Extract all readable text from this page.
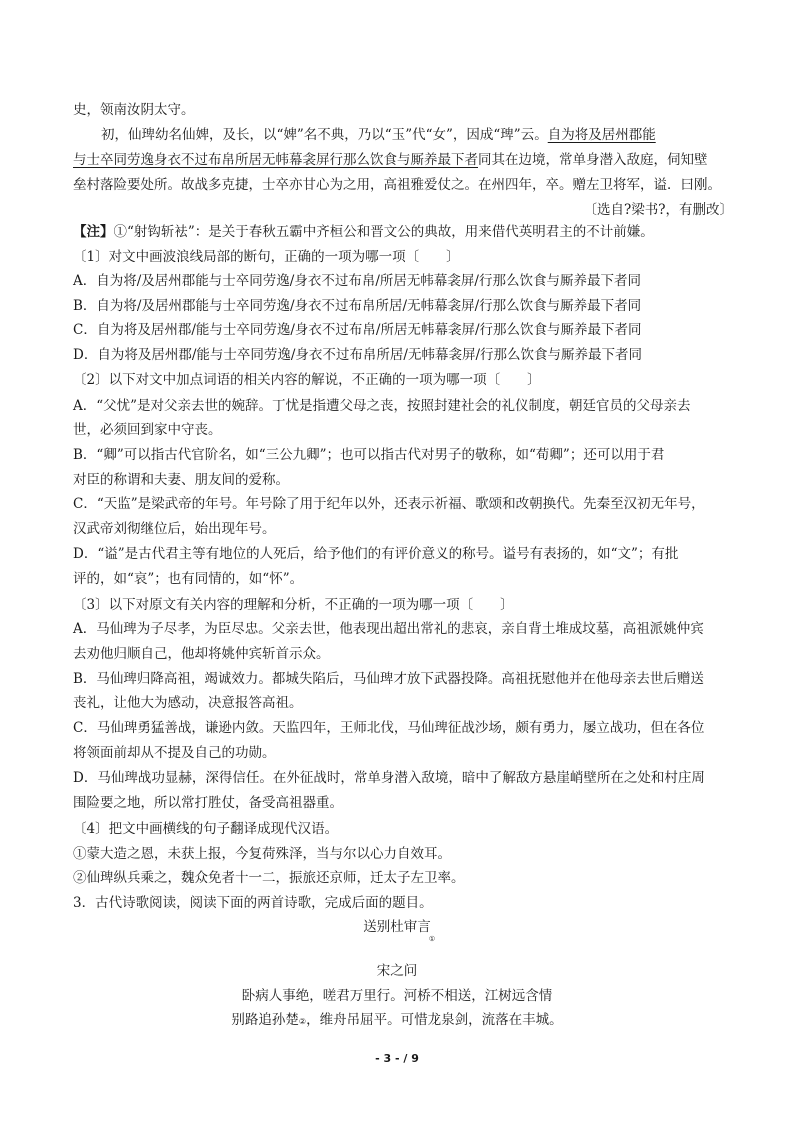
史，领南汝阴太守。
初，仙琕幼名仙婢，及长，以“婢”名不典，乃以“玉”代“女”，因成“琕”云。自为将及居州郡能
与士卒同劳逸身衣不过布帛所居无帏幕衾屏行那么饮食与厮养最下者同其在边境，常单身潜入敌庭，伺知壁
垒村落险要处所。故战多克捷，士卒亦甘心为之用，高祖雅爱仗之。在州四年，卒。赠左卫将军，谥．曰刚。
〔选自?梁书?，有删改〕
【注】①“射钩斩袪”：是关于春秋五霸中齐桓公和晋文公的典故，用来借代英明君主的不计前嫌。
〔1〕对文中画波浪线局部的断句，正确的一项为哪一项〔　　〕
A．自为将/及居州郡能与士卒同劳逸/身衣不过布帛/所居无帏幕衾屏/行那么饮食与厮养最下者同
B．自为将/及居州郡能与士卒同劳逸/身衣不过布帛所居/无帏幕衾屏/行那么饮食与厮养最下者同
C．自为将及居州郡/能与士卒同劳逸/身衣不过布帛/所居无帏幕衾屏/行那么饮食与厮养最下者同
D．自为将及居州郡/能与士卒同劳逸/身衣不过布帛所居/无帏幕衾屏/行那么饮食与厮养最下者同
〔2〕以下对文中加点词语的相关内容的解说，不正确的一项为哪一项〔　　〕
A．“父忧”是对父亲去世的婉辞。丁忧是指遭父母之丧，按照封建社会的礼仪制度，朝廷官员的父母亲去
世，必须回到家中守丧。
B．“卿”可以指古代官阶名，如“三公九卿”；也可以指古代对男子的敬称，如“荀卿”；还可以用于君
对臣的称谓和夫妻、朋友间的爱称。
C．“天监”是梁武帝的年号。年号除了用于纪年以外，还表示祈福、歌颂和改朝换代。先秦至汉初无年号，
汉武帝刘彻继位后，始出现年号。
D．“谥”是古代君主等有地位的人死后，给予他们的有评价意义的称号。谥号有表扬的，如“文”；有批
评的，如“哀”；也有同情的，如“怀”。
〔3〕以下对原文有关内容的理解和分析，不正确的一项为哪一项〔　　〕
A．马仙琕为子尽孝，为臣尽忠。父亲去世，他表现出超出常礼的悲哀，亲自背土堆成坟墓，高祖派姚仲宾
去劝他归顺自己，他却将姚仲宾斩首示众。
B．马仙琕归降高祖，竭诚效力。都城失陷后，马仙琕才放下武器投降。高祖抚慰他并在他母亲去世后赠送
丧礼，让他大为感动，决意报答高祖。
C．马仙琕勇猛善战，谦逊内敛。天监四年，王师北伐，马仙琕征战沙场，颇有勇力，屡立战功，但在各位
将领面前却从不提及自己的功勋。
D．马仙琕战功显赫，深得信任。在外征战时，常单身潜入敌境，暗中了解敌方悬崖峭壁所在之处和村庄周
围险要之地，所以常打胜仗，备受高祖器重。
〔4〕把文中画横线的句子翻译成现代汉语。
①蒙大造之恩，未获上报，今复荷殊泽，当与尔以心力自效耳。
②仙琕纵兵乘之，魏众免者十一二，振旅还京师，迁太子左卫率。
3．古代诗歌阅读，阅读下面的两首诗歌，完成后面的题目。
送别杜审言
①
宋之问
卧病人事绝，嗟君万里行。河桥不相送，江树远含情
别路追孙楚②，维舟吊屈平。可惜龙泉剑，流落在丰城。
- 3 - / 9
